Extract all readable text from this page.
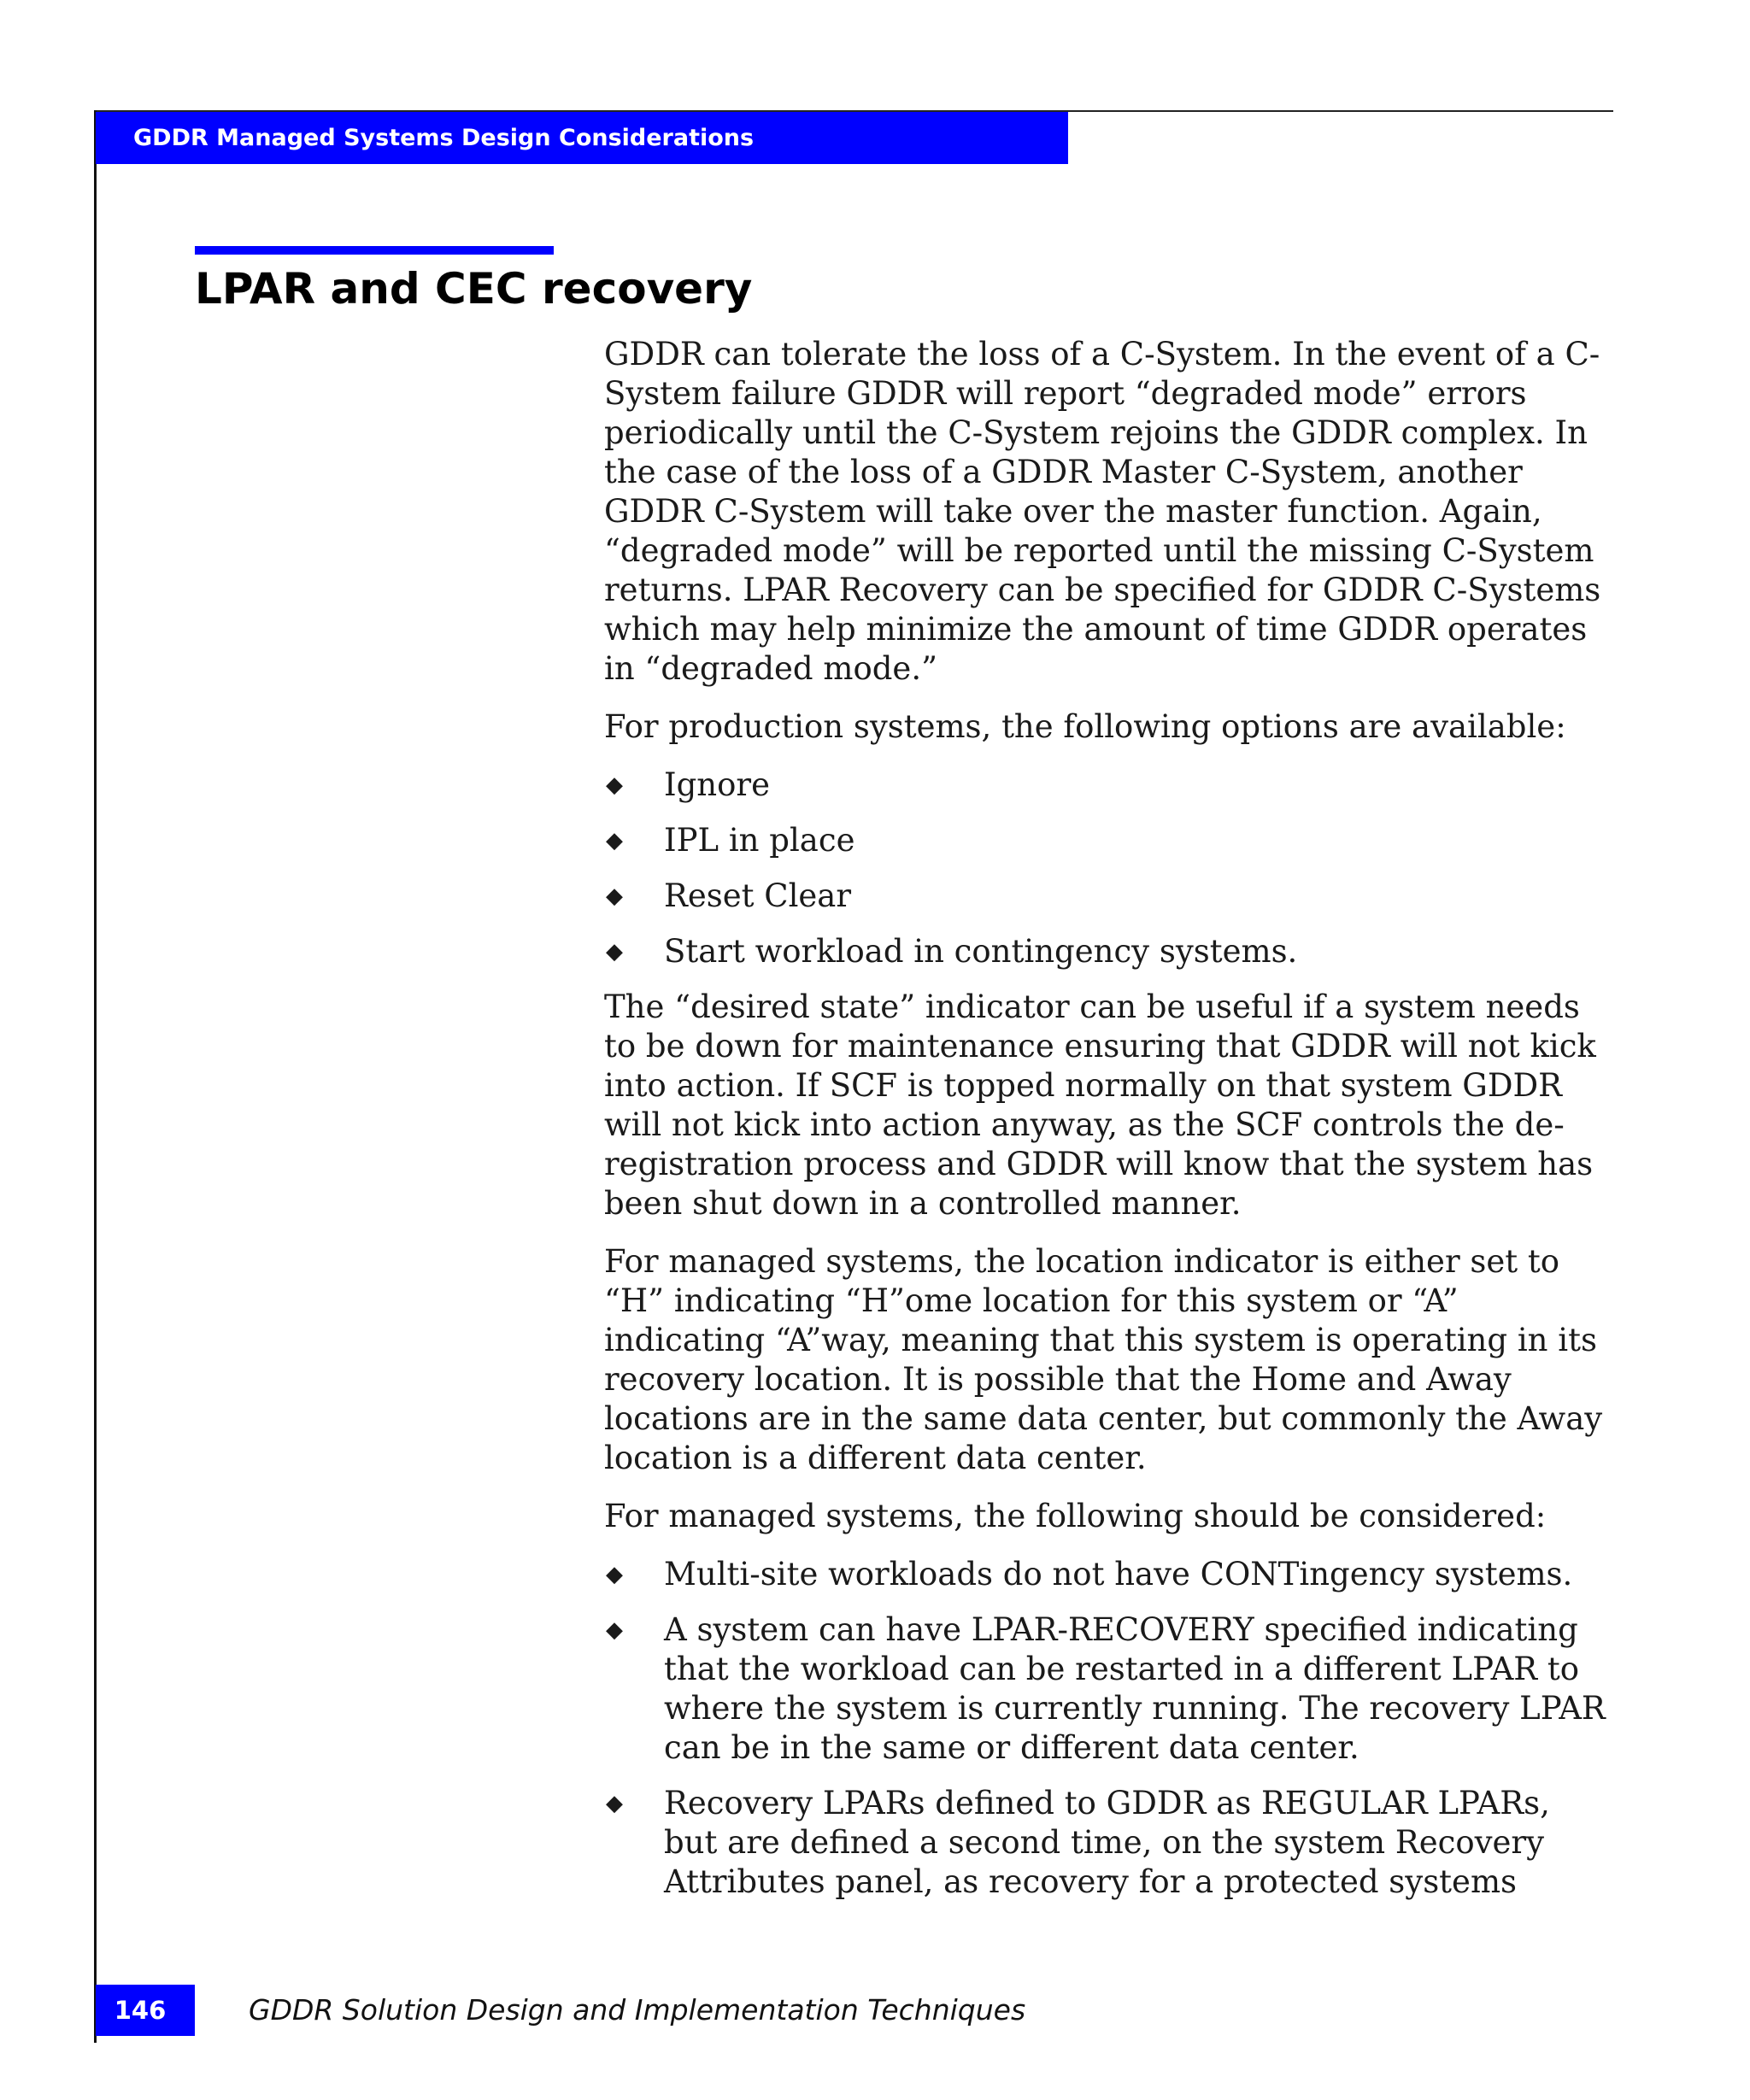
GDDR Managed Systems Design Considerations
LPAR and CEC recovery

GDDR can tolerate the loss of a C-System. In the event of a C-System failure GDDR will report “degraded mode” errors periodically until the C-System rejoins the GDDR complex. In the case of the loss of a GDDR Master C-System, another GDDR C-System will take over the master function. Again, “degraded mode” will be reported until the missing C-System returns. LPAR Recovery can be specified for GDDR C-Systems which may help minimize the amount of time GDDR operates in “degraded mode.”

For production systems, the following options are available:

◆ Ignore
◆ IPL in place
◆ Reset Clear
◆ Start workload in contingency systems.

The “desired state” indicator can be useful if a system needs to be down for maintenance ensuring that GDDR will not kick into action. If SCF is topped normally on that system GDDR will not kick into action anyway, as the SCF controls the de-registration process and GDDR will know that the system has been shut down in a controlled manner.

For managed systems, the location indicator is either set to “H” indicating “H”ome location for this system or “A” indicating “A”way, meaning that this system is operating in its recovery location. It is possible that the Home and Away locations are in the same data center, but commonly the Away location is a different data center.

For managed systems, the following should be considered:

◆ Multi-site workloads do not have CONTingency systems.
◆ A system can have LPAR-RECOVERY specified indicating that the workload can be restarted in a different LPAR to where the system is currently running. The recovery LPAR can be in the same or different data center.
◆ Recovery LPARs defined to GDDR as REGULAR LPARs, but are defined a second time, on the system Recovery Attributes panel, as recovery for a protected systems
146	GDDR Solution Design and Implementation Techniques
